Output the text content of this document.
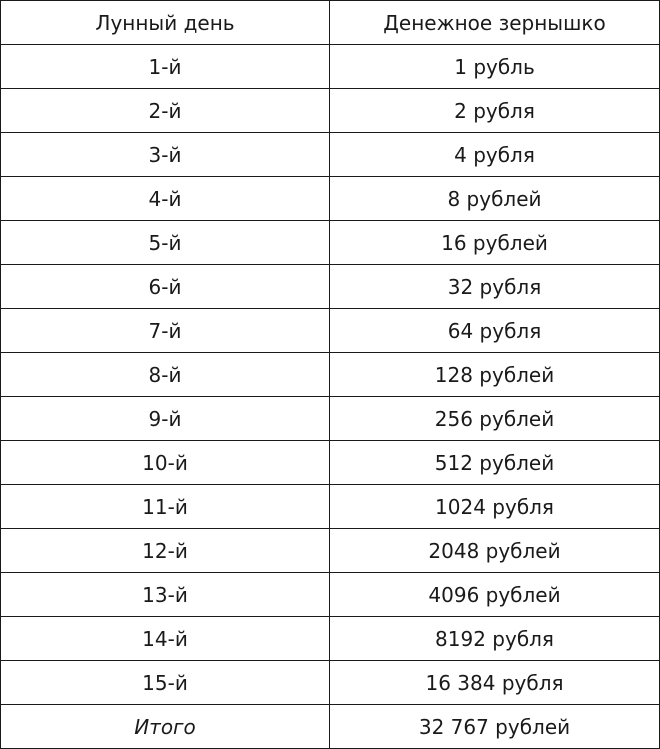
Лунный день	Денежное зернышко
1-й	1 рубль
2-й	2 рубля
3-й	4 рубля
4-й	8 рублей
5-й	16 рублей
6-й	32 рубля
7-й	64 рубля
8-й	128 рублей
9-й	256 рублей
10-й	512 рублей
11-й	1024 рубля
12-й	2048 рублей
13-й	4096 рублей
14-й	8192 рубля
15-й	16 384 рубля
Итого	32 767 рублей
